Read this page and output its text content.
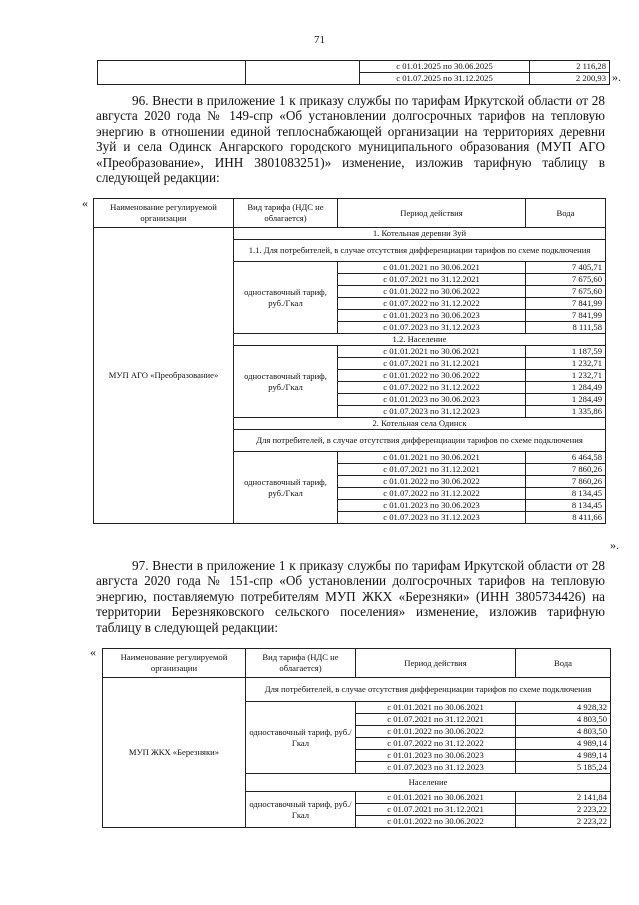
71
		с 01.01.2025 по 30.06.2025	2 116,28
		с 01.07.2025 по 31.12.2025	2 200,93 ».
96. Внести в приложение 1 к приказу службы по тарифам Иркутской области от 28 августа 2020 года № 149-спр «Об установлении долгосрочных тарифов на тепловую энергию в отношении единой теплоснабжающей организации на территориях деревни Зуй и села Одинск Ангарского городского муниципального образования (МУП АГО «Преобразование», ИНН 3801083251)» изменение, изложив тарифную таблицу в следующей редакции:
«	Наименование регулируемой организации	Вид тарифа (НДС не облагается)	Период действия	Вода
МУП АГО «Преобразование»	1. Котельная деревни Зуй		
	1.1. Для потребителей, в случае отсутствия дифференциации тарифов по схеме подключения		
	одноставочный тариф, руб./Гкал	с 01.01.2021 по 30.06.2021	7 405,71
		с 01.07.2021 по 31.12.2021	7 675,60
		с 01.01.2022 по 30.06.2022	7 675,60
		с 01.07.2022 по 31.12.2022	7 841,99
		с 01.01.2023 по 30.06.2023	7 841,99
		с 01.07.2023 по 31.12.2023	8 111,58
	1.2. Население		
	одноставочный тариф, руб./Гкал	с 01.01.2021 по 30.06.2021	1 187,59
		с 01.07.2021 по 31.12.2021	1 232,71
		с 01.01.2022 по 30.06.2022	1 232,71
		с 01.07.2022 по 31.12.2022	1 284,49
		с 01.01.2023 по 30.06.2023	1 284,49
		с 01.07.2023 по 31.12.2023	1 335,86
	2. Котельная села Одинск		
	Для потребителей, в случае отсутствия дифференциации тарифов по схеме подключения		
	одноставочный тариф, руб./Гкал	с 01.01.2021 по 30.06.2021	6 464,58
		с 01.07.2021 по 31.12.2021	7 860,26
		с 01.01.2022 по 30.06.2022	7 860,26
		с 01.07.2022 по 31.12.2022	8 134,45
		с 01.01.2023 по 30.06.2023	8 134,45
		с 01.07.2023 по 31.12.2023	8 411,66
».
97. Внести в приложение 1 к приказу службы по тарифам Иркутской области от 28 августа 2020 года № 151-спр «Об установлении долгосрочных тарифов на тепловую энергию, поставляемую потребителям МУП ЖКХ «Березняки» (ИНН 3805734426) на территории Березняковского сельского поселения» изменение, изложив тарифную таблицу в следующей редакции:
«	Наименование регулируемой организации	Вид тарифа (НДС не облагается)	Период действия	Вода
МУП ЖКХ «Березняки»	Для потребителей, в случае отсутствия дифференциации тарифов по схеме подключения		
	одноставочный тариф, руб./Гкал	с 01.01.2021 по 30.06.2021	4 928,32
		с 01.07.2021 по 31.12.2021	4 803,50
		с 01.01.2022 по 30.06.2022	4 803,50
		с 01.07.2022 по 31.12.2022	4 989,14
		с 01.01.2023 по 30.06.2023	4 989,14
		с 01.07.2023 по 31.12.2023	5 185,24
	Население		
	одноставочный тариф, руб./Гкал	с 01.01.2021 по 30.06.2021	2 141,84
		с 01.07.2021 по 31.12.2021	2 223,22
		с 01.01.2022 по 30.06.2022	2 223,22
